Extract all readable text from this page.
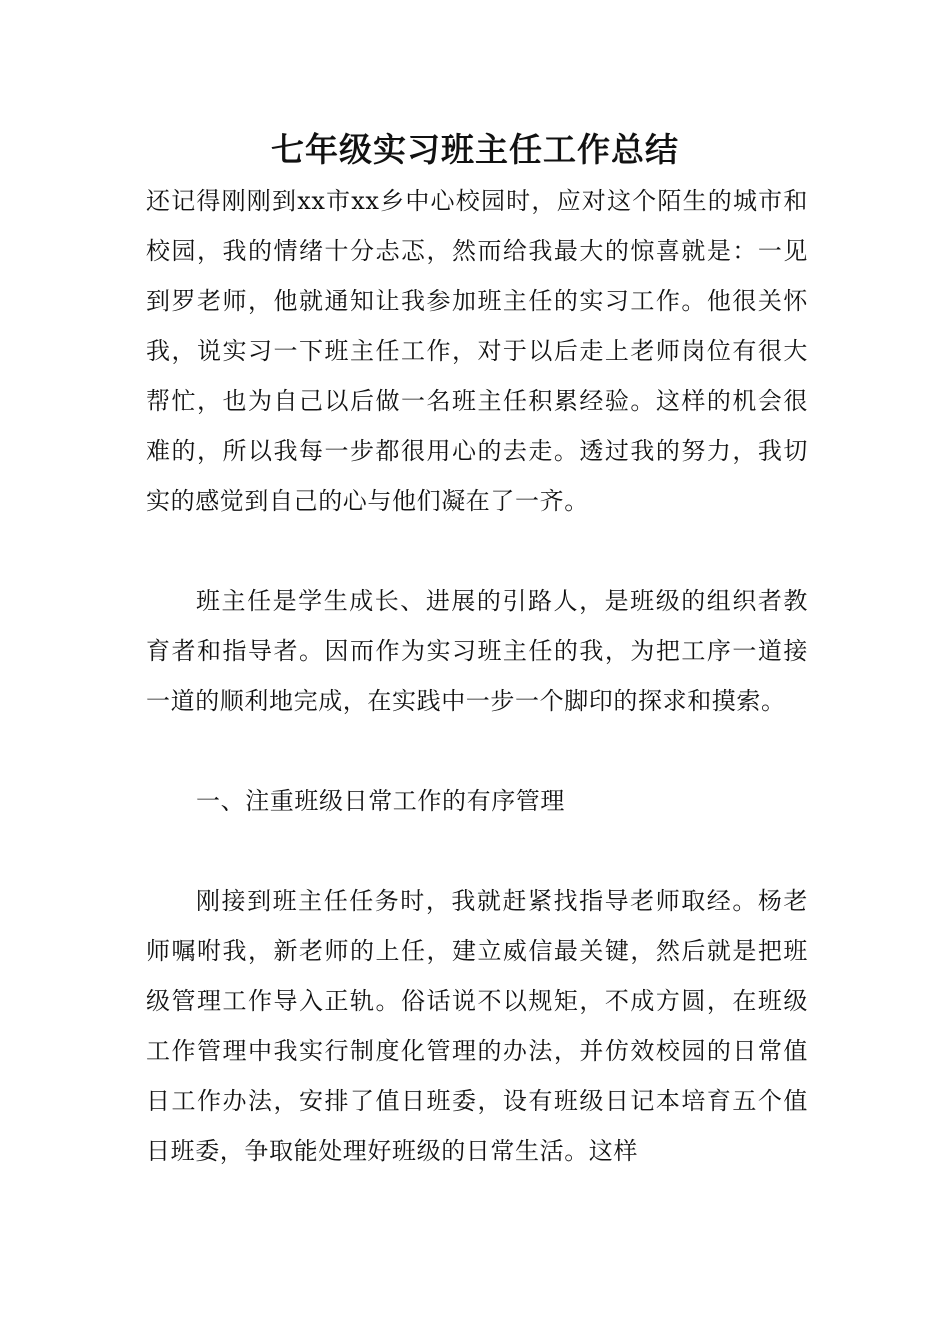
七年级实习班主任工作总结

还记得刚刚到xx市xx乡中心校园时，应对这个陌生的城市和校园，我的情绪十分忐忑，然而给我最大的惊喜就是：一见到罗老师，他就通知让我参加班主任的实习工作。他很关怀我，说实习一下班主任工作，对于以后走上老师岗位有很大帮忙，也为自己以后做一名班主任积累经验。这样的机会很难的，所以我每一步都很用心的去走。透过我的努力，我切实的感觉到自己的心与他们凝在了一齐。

班主任是学生成长、进展的引路人，是班级的组织者教育者和指导者。因而作为实习班主任的我，为把工序一道接一道的顺利地完成，在实践中一步一个脚印的探求和摸索。

一、注重班级日常工作的有序管理

刚接到班主任任务时，我就赶紧找指导老师取经。杨老师嘱咐我，新老师的上任，建立威信最关键，然后就是把班级管理工作导入正轨。俗话说不以规矩，不成方圆，在班级工作管理中我实行制度化管理的办法，并仿效校园的日常值日工作办法，安排了值日班委，设有班级日记本培育五个值日班委，争取能处理好班级的日常生活。这样
